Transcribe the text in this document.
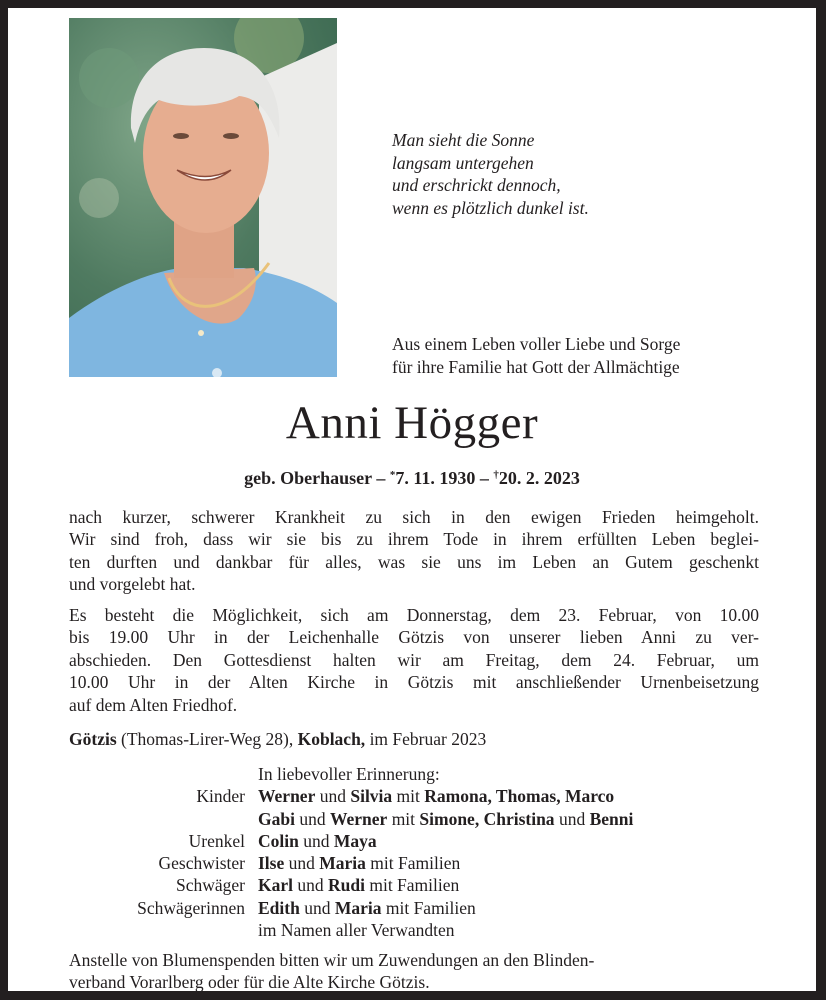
Man sieht die Sonne
langsam untergehen
und erschrickt dennoch,
wenn es plötzlich dunkel ist.
Aus einem Leben voller Liebe und Sorge
für ihre Familie hat Gott der Allmächtige
Anni Högger
geb. Oberhauser – *7. 11. 1930 – †20. 2. 2023
nach kurzer, schwerer Krankheit zu sich in den ewigen Frieden heimgeholt.
Wir sind froh, dass wir sie bis zu ihrem Tode in ihrem erfüllten Leben beglei-
ten durften und dankbar für alles, was sie uns im Leben an Gutem geschenkt
und vorgelebt hat.
Es besteht die Möglichkeit, sich am Donnerstag, dem 23. Februar, von 10.00
bis 19.00 Uhr in der Leichenhalle Götzis von unserer lieben Anni zu ver-
abschieden. Den Gottesdienst halten wir am Freitag, dem 24. Februar, um
10.00 Uhr in der Alten Kirche in Götzis mit anschließender Urnenbeisetzung
auf dem Alten Friedhof.
Götzis (Thomas-Lirer-Weg 28), Koblach, im Februar 2023
In liebevoller Erinnerung:
Kinder Werner und Silvia mit Ramona, Thomas, Marco
Gabi und Werner mit Simone, Christina und Benni
Urenkel Colin und Maya
Geschwister Ilse und Maria mit Familien
Schwäger Karl und Rudi mit Familien
Schwägerinnen Edith und Maria mit Familien
im Namen aller Verwandten
Anstelle von Blumenspenden bitten wir um Zuwendungen an den Blinden-
verband Vorarlberg oder für die Alte Kirche Götzis.
